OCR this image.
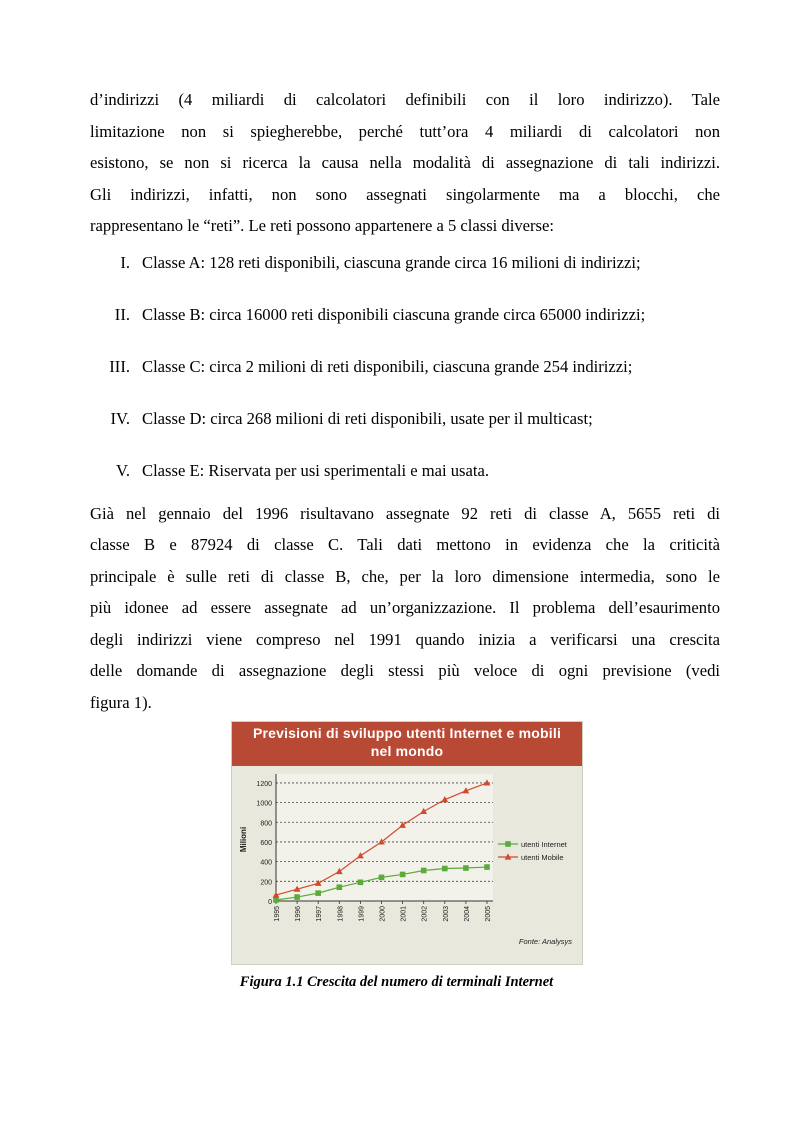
d’indirizzi (4 miliardi di calcolatori definibili con il loro indirizzo). Tale
limitazione non si spiegherebbe, perché tutt’ora 4 miliardi di calcolatori non
esistono, se non si ricerca la causa nella modalità di assegnazione di tali indirizzi.
Gli indirizzi, infatti, non sono assegnati singolarmente ma a blocchi, che
rappresentano le “reti”. Le reti possono appartenere a 5 classi diverse:
I. Classe A: 128 reti disponibili, ciascuna grande circa 16 milioni di indirizzi;
II. Classe B: circa 16000 reti disponibili ciascuna grande circa 65000 indirizzi;
III. Classe C: circa 2 milioni di reti disponibili, ciascuna grande 254 indirizzi;
IV. Classe D: circa 268 milioni di reti disponibili, usate per il multicast;
V. Classe E: Riservata per usi sperimentali e mai usata.
Già nel gennaio del 1996 risultavano assegnate 92 reti di classe A, 5655 reti di
classe B e 87924 di classe C. Tali dati mettono in evidenza che la criticità
principale è sulle reti di classe B, che, per la loro dimensione intermedia, sono le
più idonee ad essere assegnate ad un’organizzazione. Il problema dell’esaurimento
degli indirizzi viene compreso nel 1991 quando inizia a verificarsi una crescita
delle domande di assegnazione degli stessi più veloce di ogni previsione (vedi
figura 1).
Previsioni di sviluppo utenti Internet e mobili
nel mondo
0
200
400
600
800
1000
1200
Milioni
1995 1996 1997 1998 1999 2000 2001 2002 2003 2004 2005
utenti Internet
utenti Mobile
Fonte: Analysys
Figura 1.1 Crescita del numero di terminali Internet
